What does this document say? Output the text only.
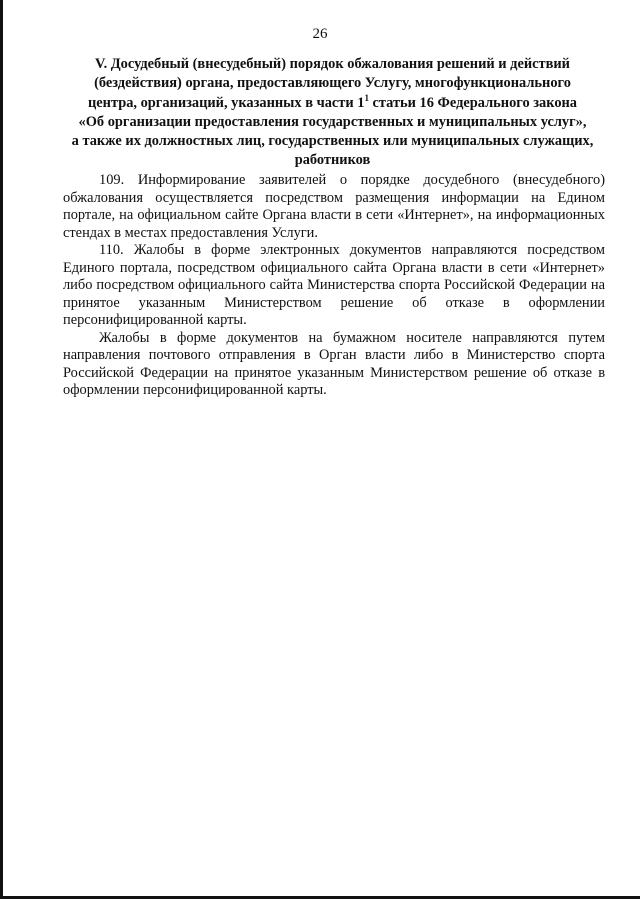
26
V. Досудебный (внесудебный) порядок обжалования решений и действий
(бездействия) органа, предоставляющего Услугу, многофункционального
центра, организаций, указанных в части $1^1$ статьи 16 Федерального закона
«Об организации предоставления государственных и муниципальных услуг»,
а также их должностных лиц, государственных или муниципальных служащих,
работников

109. Информирование заявителей о порядке досудебного (внесудебного) обжалования осуществляется посредством размещения информации на Едином портале, на официальном сайте Органа власти в сети «Интернет», на информационных стендах в местах предоставления Услуги.

110. Жалобы в форме электронных документов направляются посредством Единого портала, посредством официального сайта Органа власти в сети «Интернет» либо посредством официального сайта Министерства спорта Российской Федерации на принятое указанным Министерством решение об отказе в оформлении персонифицированной карты.

Жалобы в форме документов на бумажном носителе направляются путем направления почтового отправления в Орган власти либо в Министерство спорта Российской Федерации на принятое указанным Министерством решение об отказе в оформлении персонифицированной карты.
